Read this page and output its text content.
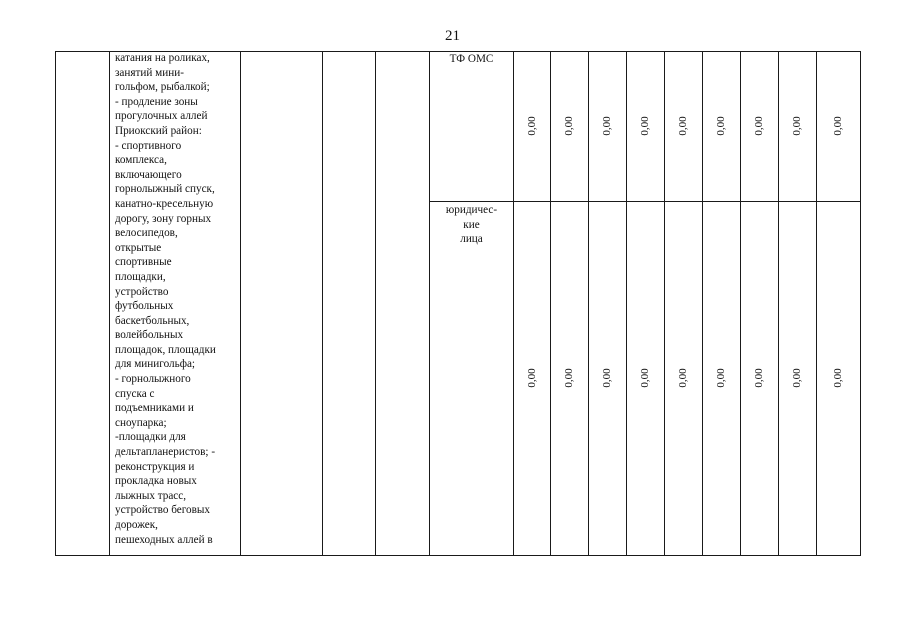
21
катания на роликах,
занятий мини-
гольфом, рыбалкой;
- продление зоны
прогулочных аллей
Приокский район:
- спортивного
комплекса,
включающего
горнолыжный спуск,
канатно-кресельную
дорогу, зону горных
велосипедов,
открытые
спортивные
площадки,
устройство
футбольных
баскетбольных,
волейбольных
площадок, площадки
для минигольфа;
- горнолыжного
спуска с
подъемниками и
сноупарка;
-площадки для
дельтапланеристов; -
реконструкция и
прокладка новых
лыжных трасс,
устройство беговых
дорожек,
пешеходных аллей в
ТФ ОМС
юридичес-
кие
лица
0,00 0,00 0,00 0,00 0,00 0,00 0,00 0,00	0,00
0,00 0,00 0,00 0,00 0,00 0,00 0,00 0,00	0,00
